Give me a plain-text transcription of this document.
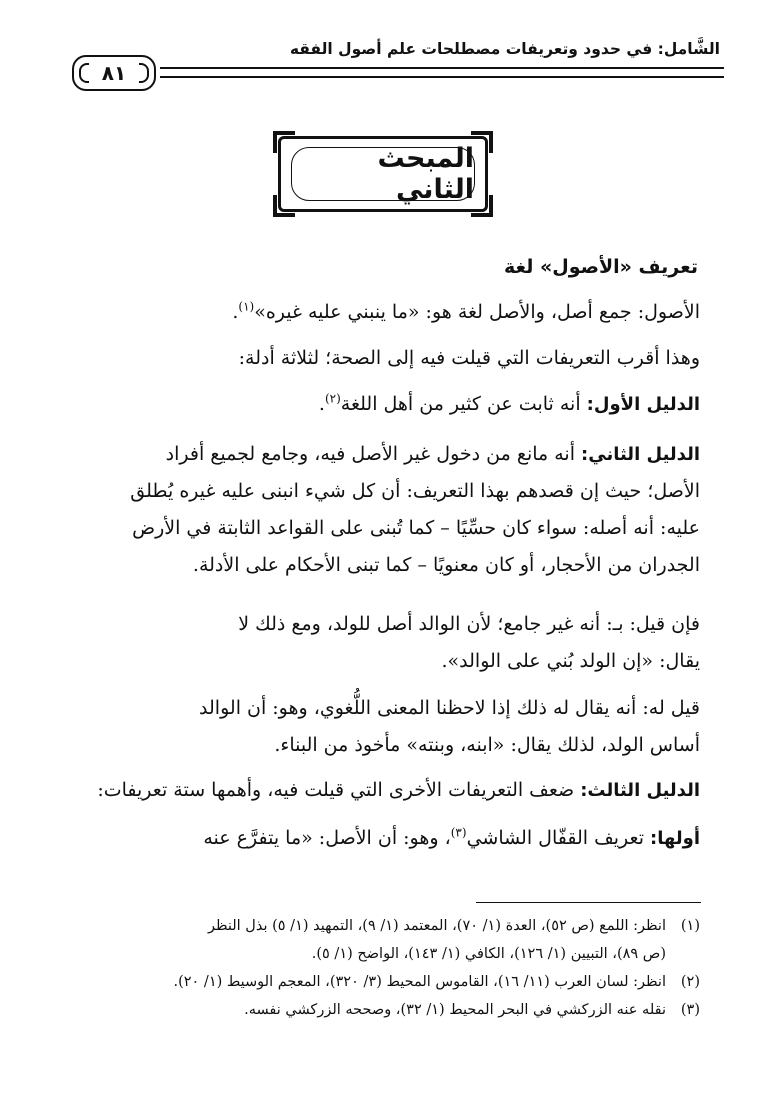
الشَّامل: في حدود وتعريفات مصطلحات علم أصول الفقه
٨١
المبحث الثاني
تعريف «الأصول» لغة
الأصول: جمع أصل، والأصل لغة هو: «ما ينبني عليه غيره»$^{(١)}$.
وهذا أقرب التعريفات التي قيلت فيه إلى الصحة؛ لثلاثة أدلة:
الدليل الأول: أنه ثابت عن كثير من أهل اللغة$^{(٢)}$.
الدليل الثاني: أنه مانع من دخول غير الأصل فيه، وجامع لجميع أفراد
الأصل؛ حيث إن قصدهم بهذا التعريف: أن كل شيء انبنى عليه غيره يُطلق
عليه: أنه أصله: سواء كان حسِّيًا – كما تُبنى على القواعد الثابتة في الأرض
الجدران من الأحجار، أو كان معنويًا – كما تبنى الأحكام على الأدلة.
فإن قيل: بـ: أنه غير جامع؛ لأن الوالد أصل للولد، ومع ذلك لا
يقال: «إن الولد بُني على الوالد».
قيل له: أنه يقال له ذلك إذا لاحظنا المعنى اللُّغوي، وهو: أن الوالد
أساس الولد، لذلك يقال: «ابنه، وبنته» مأخوذ من البناء.
الدليل الثالث: ضعف التعريفات الأخرى التي قيلت فيه، وأهمها ستة تعريفات:
أولها: تعريف القفّال الشاشي$^{(٣)}$، وهو: أن الأصل: «ما يتفرَّع عنه
(١)
انظر: اللمع (ص ٥٢)، العدة (١/ ٧٠)، المعتمد (١/ ٩)، التمهيد (١/ ٥) بذل النظر
(ص ٨٩)، التبيين (١/ ١٢٦)، الكافي (١/ ١٤٣)، الواضح (١/ ٥).
(٢)
انظر: لسان العرب (١١/ ١٦)، القاموس المحيط (٣/ ٣٢٠)، المعجم الوسيط (١/ ٢٠).
(٣)
نقله عنه الزركشي في البحر المحيط (١/ ٣٢)، وصححه الزركشي نفسه.
